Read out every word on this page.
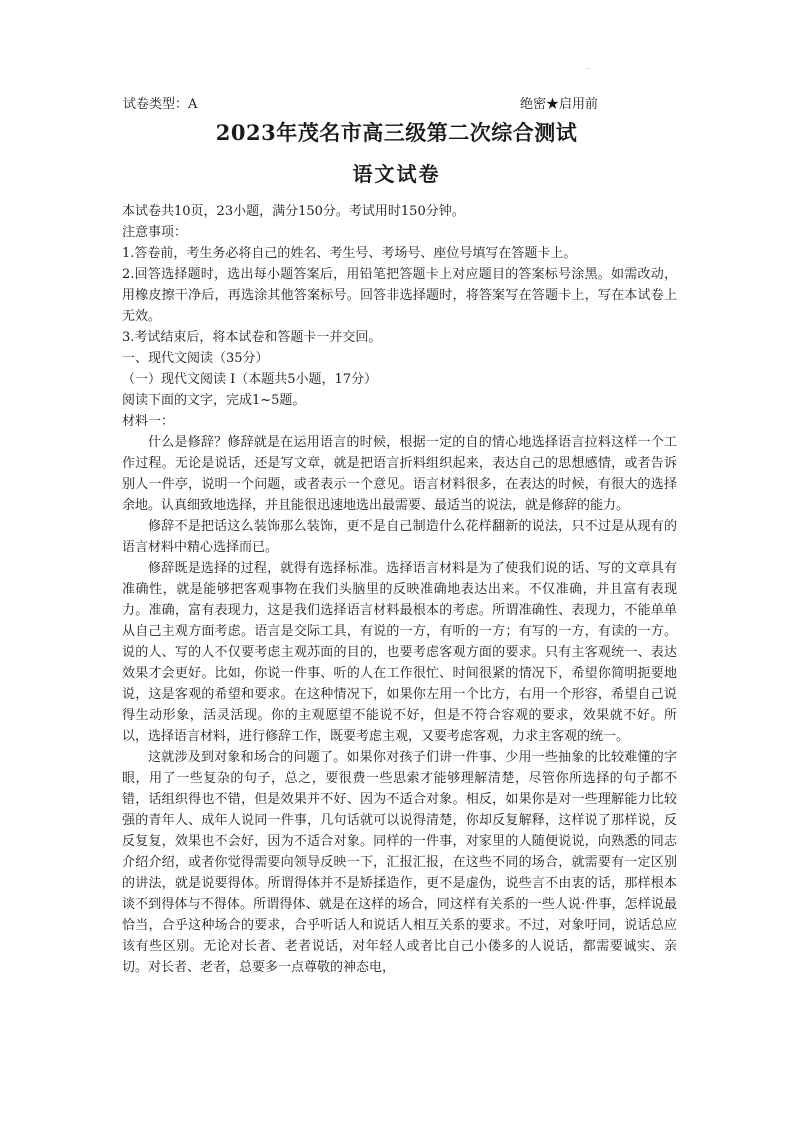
.
试卷类型：A	绝密★启用前
2023年茂名市高三级第二次综合测试
语文试卷

本试卷共10页，23小题，满分150分。考试用时150分钟。

注意事项：

1.答卷前，考生务必将自己的姓名、考生号、考场号、座位号填写在答题卡上。

2.回答选择题时，选出每小题答案后，用铅笔把答题卡上对应题目的答案标号涂黑。如需改动，用橡皮擦干净后，再选涂其他答案标号。回答非选择题时，将答案写在答题卡上，写在本试卷上无效。

3.考试结束后，将本试卷和答题卡一并交回。

一、现代文阅读（35分）

（一）现代文阅读 I（本题共5小题，17分）

阅读下面的文字，完成1~5题。

材料一：

什么是修辞？修辞就是在运用语言的时候，根据一定的自的情心地选择语言拉料这样一个工作过程。无论是说话，还是写文章，就是把语言折料组织起来，表达自己的思想感情，或者告诉别人一件亭，说明一个问题，或者表示一个意见。语言材料很多，在表达的时候，有很大的选择余地。认真细致地选择，并且能很迅速地选出最需要、最适当的说法，就是修辞的能力。

修辞不是把话这么装饰那么装饰，更不是自己制造什么花样翻新的说法，只不过是从现有的语言材料中精心选择而已。

修辞既是选择的过程，就得有选择标准。选择语言材料是为了使我们说的话、写的文章具有准确性，就是能够把客观事物在我们头脑里的反映准确地表达出来。不仅准确，并且富有表现力。准确，富有表现力，这是我们选择语言材料最根本的考虑。所谓准确性、表现力，不能单单从自己主观方面考虑。语言是交际工具，有说的一方，有听的一方；有写的一方，有读的一方。说的人、写的人不仅要考虑主观苏面的目的，也要考虑客观方面的要求。只有主客观统一、表达效果才会更好。比如，你说一件事、听的人在工作很忙、时间很紧的情况下，希望你简明扼要地说，这是客观的希望和要求。在这种情况下，如果你左用一个比方，右用一个形容，希望自己说得生动形象，活灵活现。你的主观愿望不能说不好，但是不符合容观的要求，效果就不好。所以，选择语言材料，进行修辞工作，既要考虑主观，又要考虑客观，力求主客观的统一。

这就涉及到对象和场合的问题了。如果你对孩子们讲一件事、少用一些抽象的比较难懂的字眼，用了一些复杂的句子，总之，要很费一些思索才能够理解清楚，尽管你所选择的句子都不错，话组织得也不错，但是效果并不好、因为不适合对象。相反，如果你是对一些理解能力比较强的青年人、成年人说同一件事，几句话就可以说得清楚，你却反复解释，这样说了那样说，反反复复，效果也不会好，因为不适合对象。同样的一件事，对家里的人随便说说，向熟悉的同志介绍介绍，或者你觉得需要向领导反映一下，汇报汇报，在这些不同的场合，就需要有一定区别的讲法，就是说要得体。所谓得体并不是矫揉造作，更不是虚伪，说些言不由衷的话，那样根本谈不到得体与不得体。所谓得体、就是在这样的场合，同这样有关系的一些人说·件事，怎样说最恰当，合乎这种场合的要求，合乎听话人和说话人相互关系的要求。不过，对象吁同，说话总应该有些区别。无论对长者、老者说话，对年轻人或者比自己小偻多的人说话，都需要诚实、亲切。对长者、老者，总要多一点尊敬的神态电，
